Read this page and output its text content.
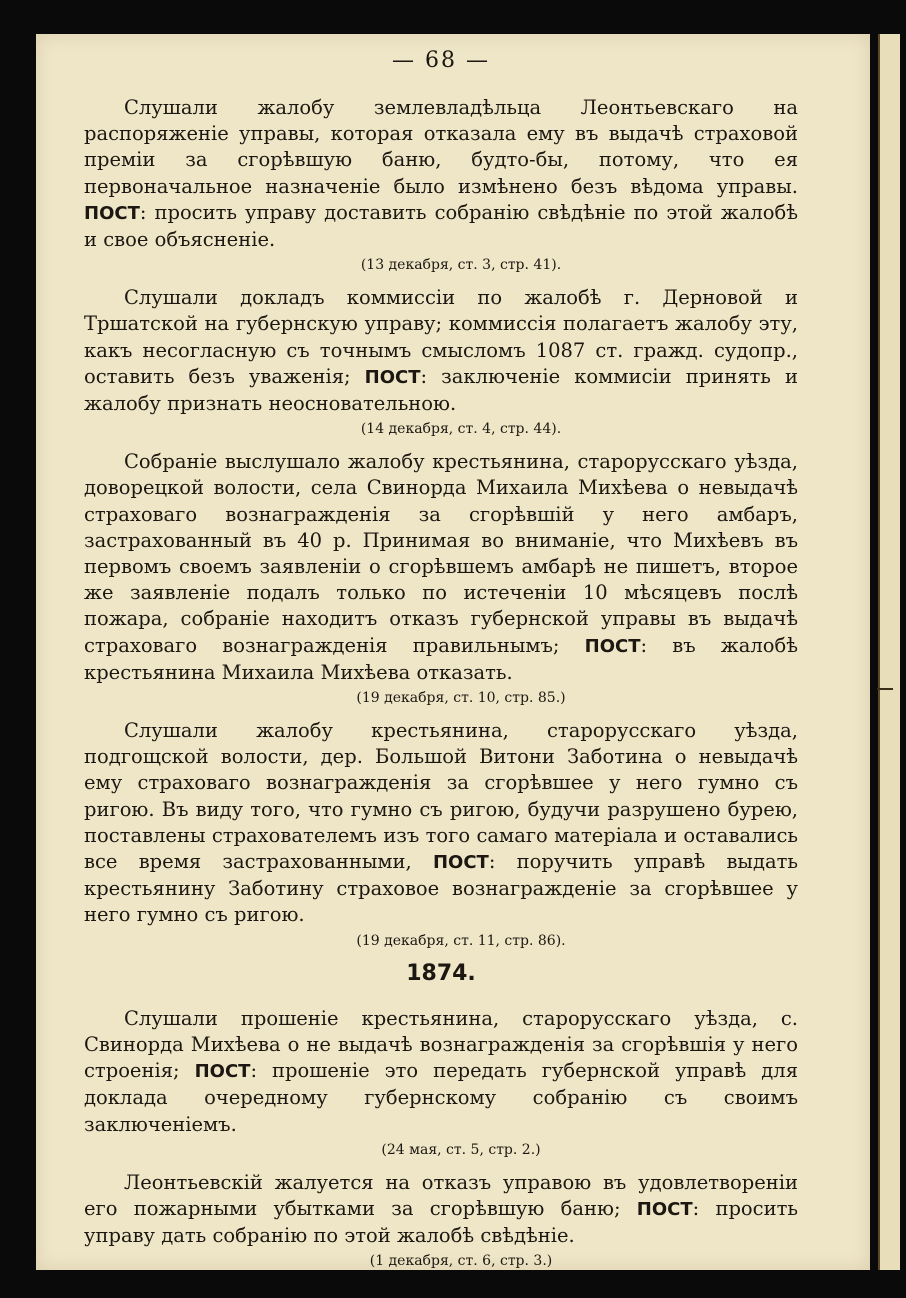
— 68 —

Слушали жалобу землевладѣльца Леонтьевскаго на распоряженіе управы, которая отказала ему въ выдачѣ страховой преміи за сгорѣвшую баню, будто-бы, потому, что ея первоначальное назначеніе было измѣнено безъ вѣдома управы. ПОСТ: просить управу доставить собранію свѣдѣніе по этой жалобѣ и свое объясненіе.

(13 декабря, ст. 3, стр. 41).

Слушали докладъ коммиссіи по жалобѣ г. Дерновой и Тршатской на губернскую управу; коммиссія полагаетъ жалобу эту, какъ несогласную съ точнымъ смысломъ 1087 ст. гражд. судопр., оставить безъ уваженія; ПОСТ: заключеніе коммисіи принять и жалобу признать неосновательною.

(14 декабря, ст. 4, стр. 44).

Собраніе выслушало жалобу крестьянина, старорусскаго уѣзда, доворецкой волости, села Свинорда Михаила Михѣева о невыдачѣ страховаго вознагражденія за сгорѣвшій у него амбаръ, застрахованный въ 40 р. Принимая во вниманіе, что Михѣевъ въ первомъ своемъ заявленіи о сгорѣвшемъ амбарѣ не пишетъ, второе же заявленіе подалъ только по истеченіи 10 мѣсяцевъ послѣ пожара, собраніе находитъ отказъ губернской управы въ выдачѣ страховаго вознагражденія правильнымъ; ПОСТ: въ жалобѣ крестьянина Михаила Михѣева отказать.

(19 декабря, ст. 10, стр. 85.)

Слушали жалобу крестьянина, старорусскаго уѣзда, подгощской волости, дер. Большой Витони Заботина о невыдачѣ ему страховаго вознагражденія за сгорѣвшее у него гумно съ ригою. Въ виду того, что гумно съ ригою, будучи разрушено бурею, поставлены страхователемъ изъ того самаго матеріала и оставались все время застрахованными, ПОСТ: поручить управѣ выдать крестьянину Заботину страховое вознагражденіе за сгорѣвшее у него гумно съ ригою.

(19 декабря, ст. 11, стр. 86).
1874.

Слушали прошеніе крестьянина, старорусскаго уѣзда, с. Свинорда Михѣева о не выдачѣ вознагражденія за сгорѣвшія у него строенія; ПОСТ: прошеніе это передать губернской управѣ для доклада очередному губернскому собранію съ своимъ заключеніемъ.

(24 мая, ст. 5, стр. 2.)

Леонтьевскій жалуется на отказъ управою въ удовлетвореніи его пожарными убытками за сгорѣвшую баню; ПОСТ: просить управу дать собранію по этой жалобѣ свѣдѣніе.

(1 декабря, ст. 6, стр. 3.)
